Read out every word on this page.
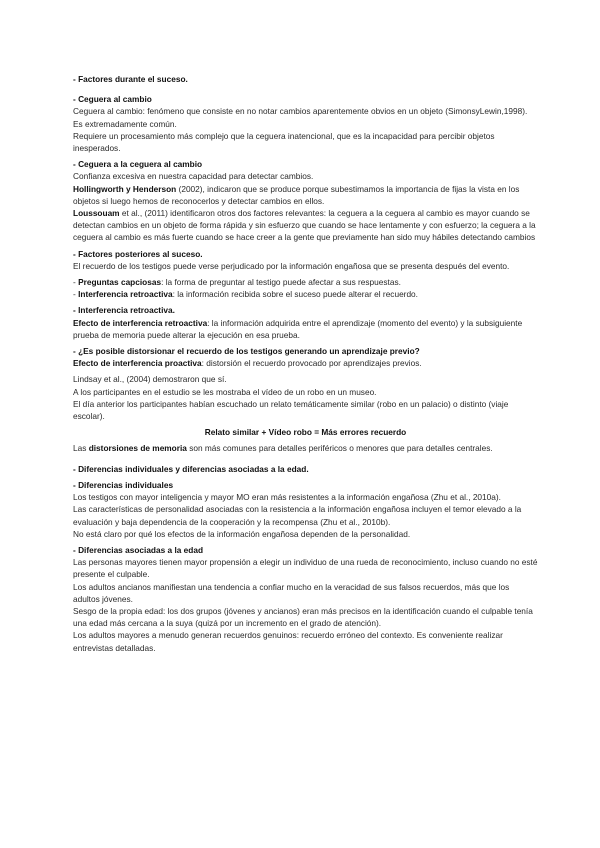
- Factores durante el suceso.

- Ceguera al cambio

Ceguera al cambio: fenómeno que consiste en no notar cambios aparentemente obvios en un objeto (SimonsyLewin,1998).

Es extremadamente común.

Requiere un procesamiento más complejo que la ceguera inatencional, que es la incapacidad para percibir objetos inesperados.

- Ceguera a la ceguera al cambio

Confianza excesiva en nuestra capacidad para detectar cambios.

Hollingworth y Henderson (2002), indicaron que se produce porque subestimamos la importancia de fijas la vista en los objetos si luego hemos de reconocerlos y detectar cambios en ellos.

Loussouam et al., (2011) identificaron otros dos factores relevantes: la ceguera a la ceguera al cambio es mayor cuando se detectan cambios en un objeto de forma rápida y sin esfuerzo que cuando se hace lentamente y con esfuerzo; la ceguera a la ceguera al cambio es más fuerte cuando se hace creer a la gente que previamente han sido muy hábiles detectando cambios

- Factores posteriores al suceso.

El recuerdo de los testigos puede verse perjudicado por la información engañosa que se presenta después del evento.

- Preguntas capciosas: la forma de preguntar al testigo puede afectar a sus respuestas.

- Interferencia retroactiva: la información recibida sobre el suceso puede alterar el recuerdo.

- Interferencia retroactiva.

Efecto de interferencia retroactiva: la información adquirida entre el aprendizaje (momento del evento) y la subsiguiente prueba de memoria puede alterar la ejecución en esa prueba.

- ¿Es posible distorsionar el recuerdo de los testigos generando un aprendizaje previo?

Efecto de interferencia proactiva: distorsión el recuerdo provocado por aprendizajes previos.

Lindsay et al., (2004) demostraron que sí.

A los participantes en el estudio se les mostraba el vídeo de un robo en un museo.

El día anterior los participantes habían escuchado un relato temáticamente similar (robo en un palacio) o distinto (viaje escolar).

Relato similar + Vídeo robo = Más errores recuerdo

Las distorsiones de memoria son más comunes para detalles periféricos o menores que para detalles centrales.

- Diferencias individuales y diferencias asociadas a la edad.

- Diferencias individuales

Los testigos con mayor inteligencia y mayor MO eran más resistentes a la información engañosa (Zhu et al., 2010a).

Las características de personalidad asociadas con la resistencia a la información engañosa incluyen el temor elevado a la evaluación y baja dependencia de la cooperación y la recompensa (Zhu et al., 2010b).

No está claro por qué los efectos de la información engañosa dependen de la personalidad.

- Diferencias asociadas a la edad

Las personas mayores tienen mayor propensión a elegir un individuo de una rueda de reconocimiento, incluso cuando no esté presente el culpable.

Los adultos ancianos manifiestan una tendencia a confiar mucho en la veracidad de sus falsos recuerdos, más que los adultos jóvenes.

Sesgo de la propia edad: los dos grupos (jóvenes y ancianos) eran más precisos en la identificación cuando el culpable tenía una edad más cercana a la suya (quizá por un incremento en el grado de atención).

Los adultos mayores a menudo generan recuerdos genuinos: recuerdo erróneo del contexto. Es conveniente realizar entrevistas detalladas.
